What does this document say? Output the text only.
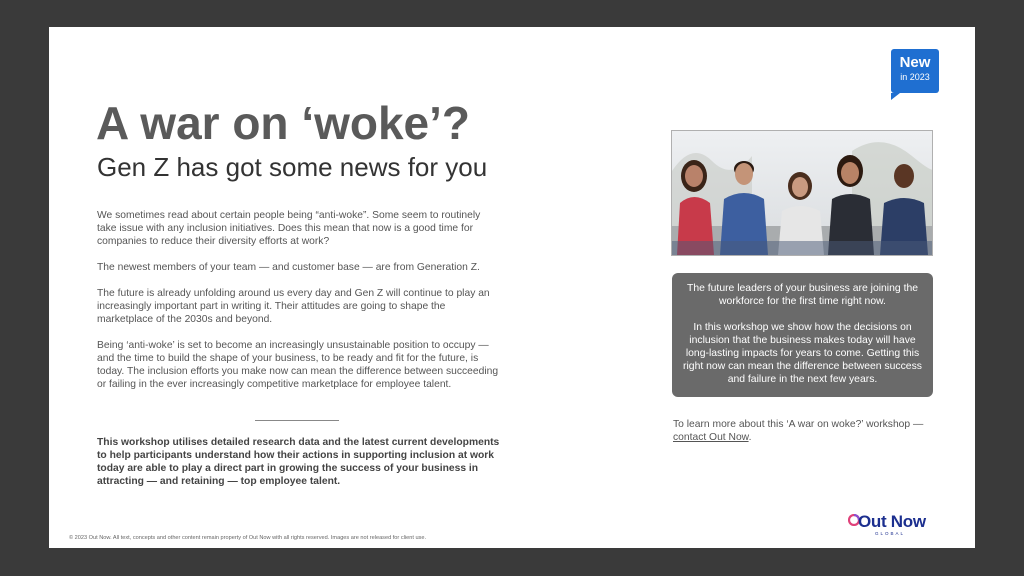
New
in 2023
A war on ‘woke’?
Gen Z has got some news for you

We sometimes read about certain people being “anti-woke”. Some seem to routinely take issue with any inclusion initiatives. Does this mean that now is a good time for companies to reduce their diversity efforts at work?

The newest members of your team — and customer base — are from Generation Z.

The future is already unfolding around us every day and Gen Z will continue to play an increasingly important part in writing it. Their attitudes are going to shape the marketplace of the 2030s and beyond.

Being ‘anti-woke’ is set to become an increasingly unsustainable position to occupy — and the time to build the shape of your business, to be ready and fit for the future, is today. The inclusion efforts you make now can mean the difference between succeeding or failing in the ever increasingly competitive marketplace for employee talent.

This workshop utilises detailed research data and the latest current developments to help participants understand how their actions in supporting inclusion at work today are able to play a direct part in growing the success of your business in attracting — and retaining — top employee talent.

The future leaders of your business are joining the workforce for the first time right now.

In this workshop we show how the decisions on inclusion that the business makes today will have long-lasting impacts for years to come. Getting this right now can mean the difference between success and failure in the next few years.

To learn more about this ‘A war on woke?’ workshop — contact Out Now.

© 2023 Out Now. All text, concepts and other content remain property of Out Now with all rights reserved. Images are not released for client use.
Out Now
GLOBAL
